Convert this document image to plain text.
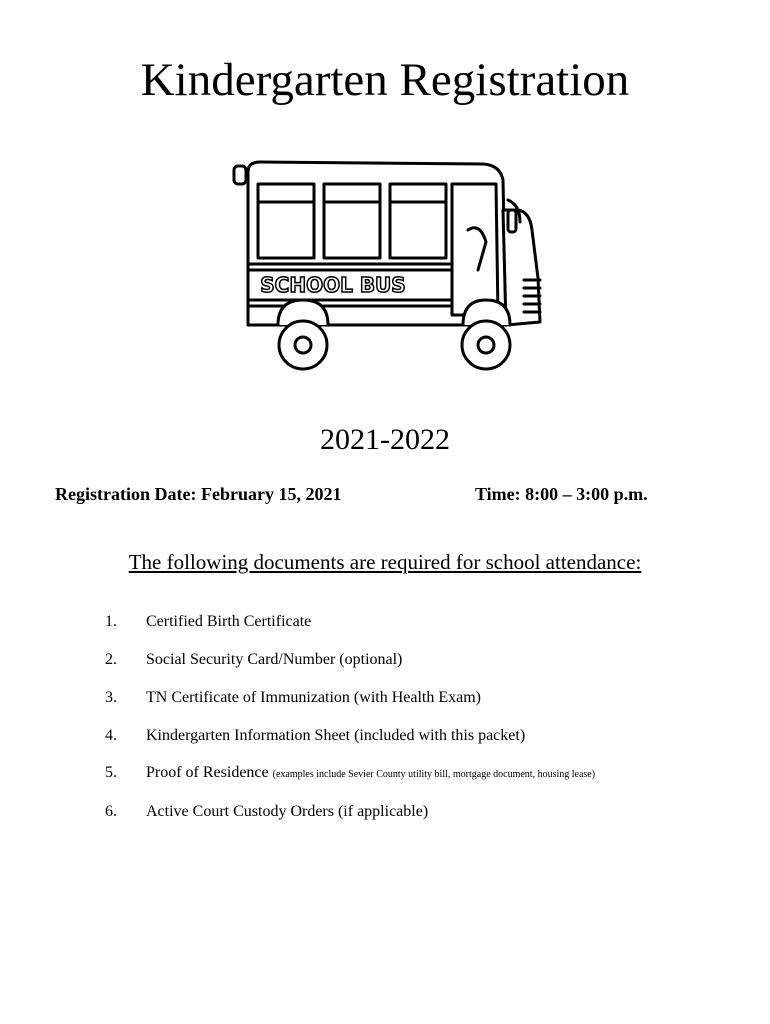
Kindergarten Registration
SCHOOL BUS
2021-2022
Registration Date: February 15, 2021	Time: 8:00 – 3:00 p.m.
The following documents are required for school attendance:
1. Certified Birth Certificate
2. Social Security Card/Number (optional)
3. TN Certificate of Immunization (with Health Exam)
4. Kindergarten Information Sheet (included with this packet)
5. Proof of Residence (examples include Sevier County utility bill, mortgage document, housing lease)
6. Active Court Custody Orders (if applicable)
